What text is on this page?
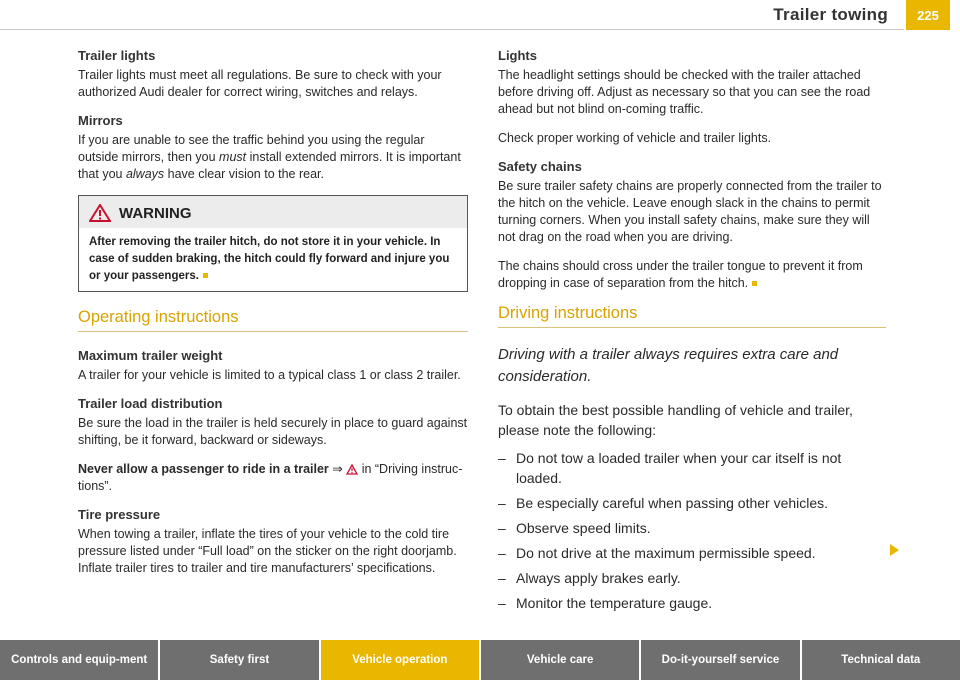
Trailer towing	225
Trailer lights

Trailer lights must meet all regulations. Be sure to check with your authorized Audi dealer for correct wiring, switches and relays.

Mirrors

If you are unable to see the traffic behind you using the regular outside mirrors, then you must install extended mirrors. It is important that you always have clear vision to the rear.

WARNING
After removing the trailer hitch, do not store it in your vehicle. In case of sudden braking, the hitch could fly forward and injure you or your passengers.
Operating instructions
Maximum trailer weight

A trailer for your vehicle is limited to a typical class 1 or class 2 trailer.

Trailer load distribution

Be sure the load in the trailer is held securely in place to guard against shifting, be it forward, backward or sideways.

Never allow a passenger to ride in a trailer ⇒  in “Driving instructions”.

Tire pressure

When towing a trailer, inflate the tires of your vehicle to the cold tire pressure listed under “Full load” on the sticker on the right doorjamb. Inflate trailer tires to trailer and tire manufacturers’ specifications.

Lights

The headlight settings should be checked with the trailer attached before driving off. Adjust as necessary so that you can see the road ahead but not blind on-coming traffic.

Check proper working of vehicle and trailer lights.

Safety chains

Be sure trailer safety chains are properly connected from the trailer to the hitch on the vehicle. Leave enough slack in the chains to permit turning corners. When you install safety chains, make sure they will not drag on the road when you are driving.

The chains should cross under the trailer tongue to prevent it from dropping in case of separation from the hitch.

Driving instructions

Driving with a trailer always requires extra care and consideration.

To obtain the best possible handling of vehicle and trailer, please note the following:

– Do not tow a loaded trailer when your car itself is not loaded.
– Be especially careful when passing other vehicles.
– Observe speed limits.
– Do not drive at the maximum permissible speed.
– Always apply brakes early.
– Monitor the temperature gauge.
Controls and equip-ment	Safety first	Vehicle operation	Vehicle care	Do-it-yourself service	Technical data
